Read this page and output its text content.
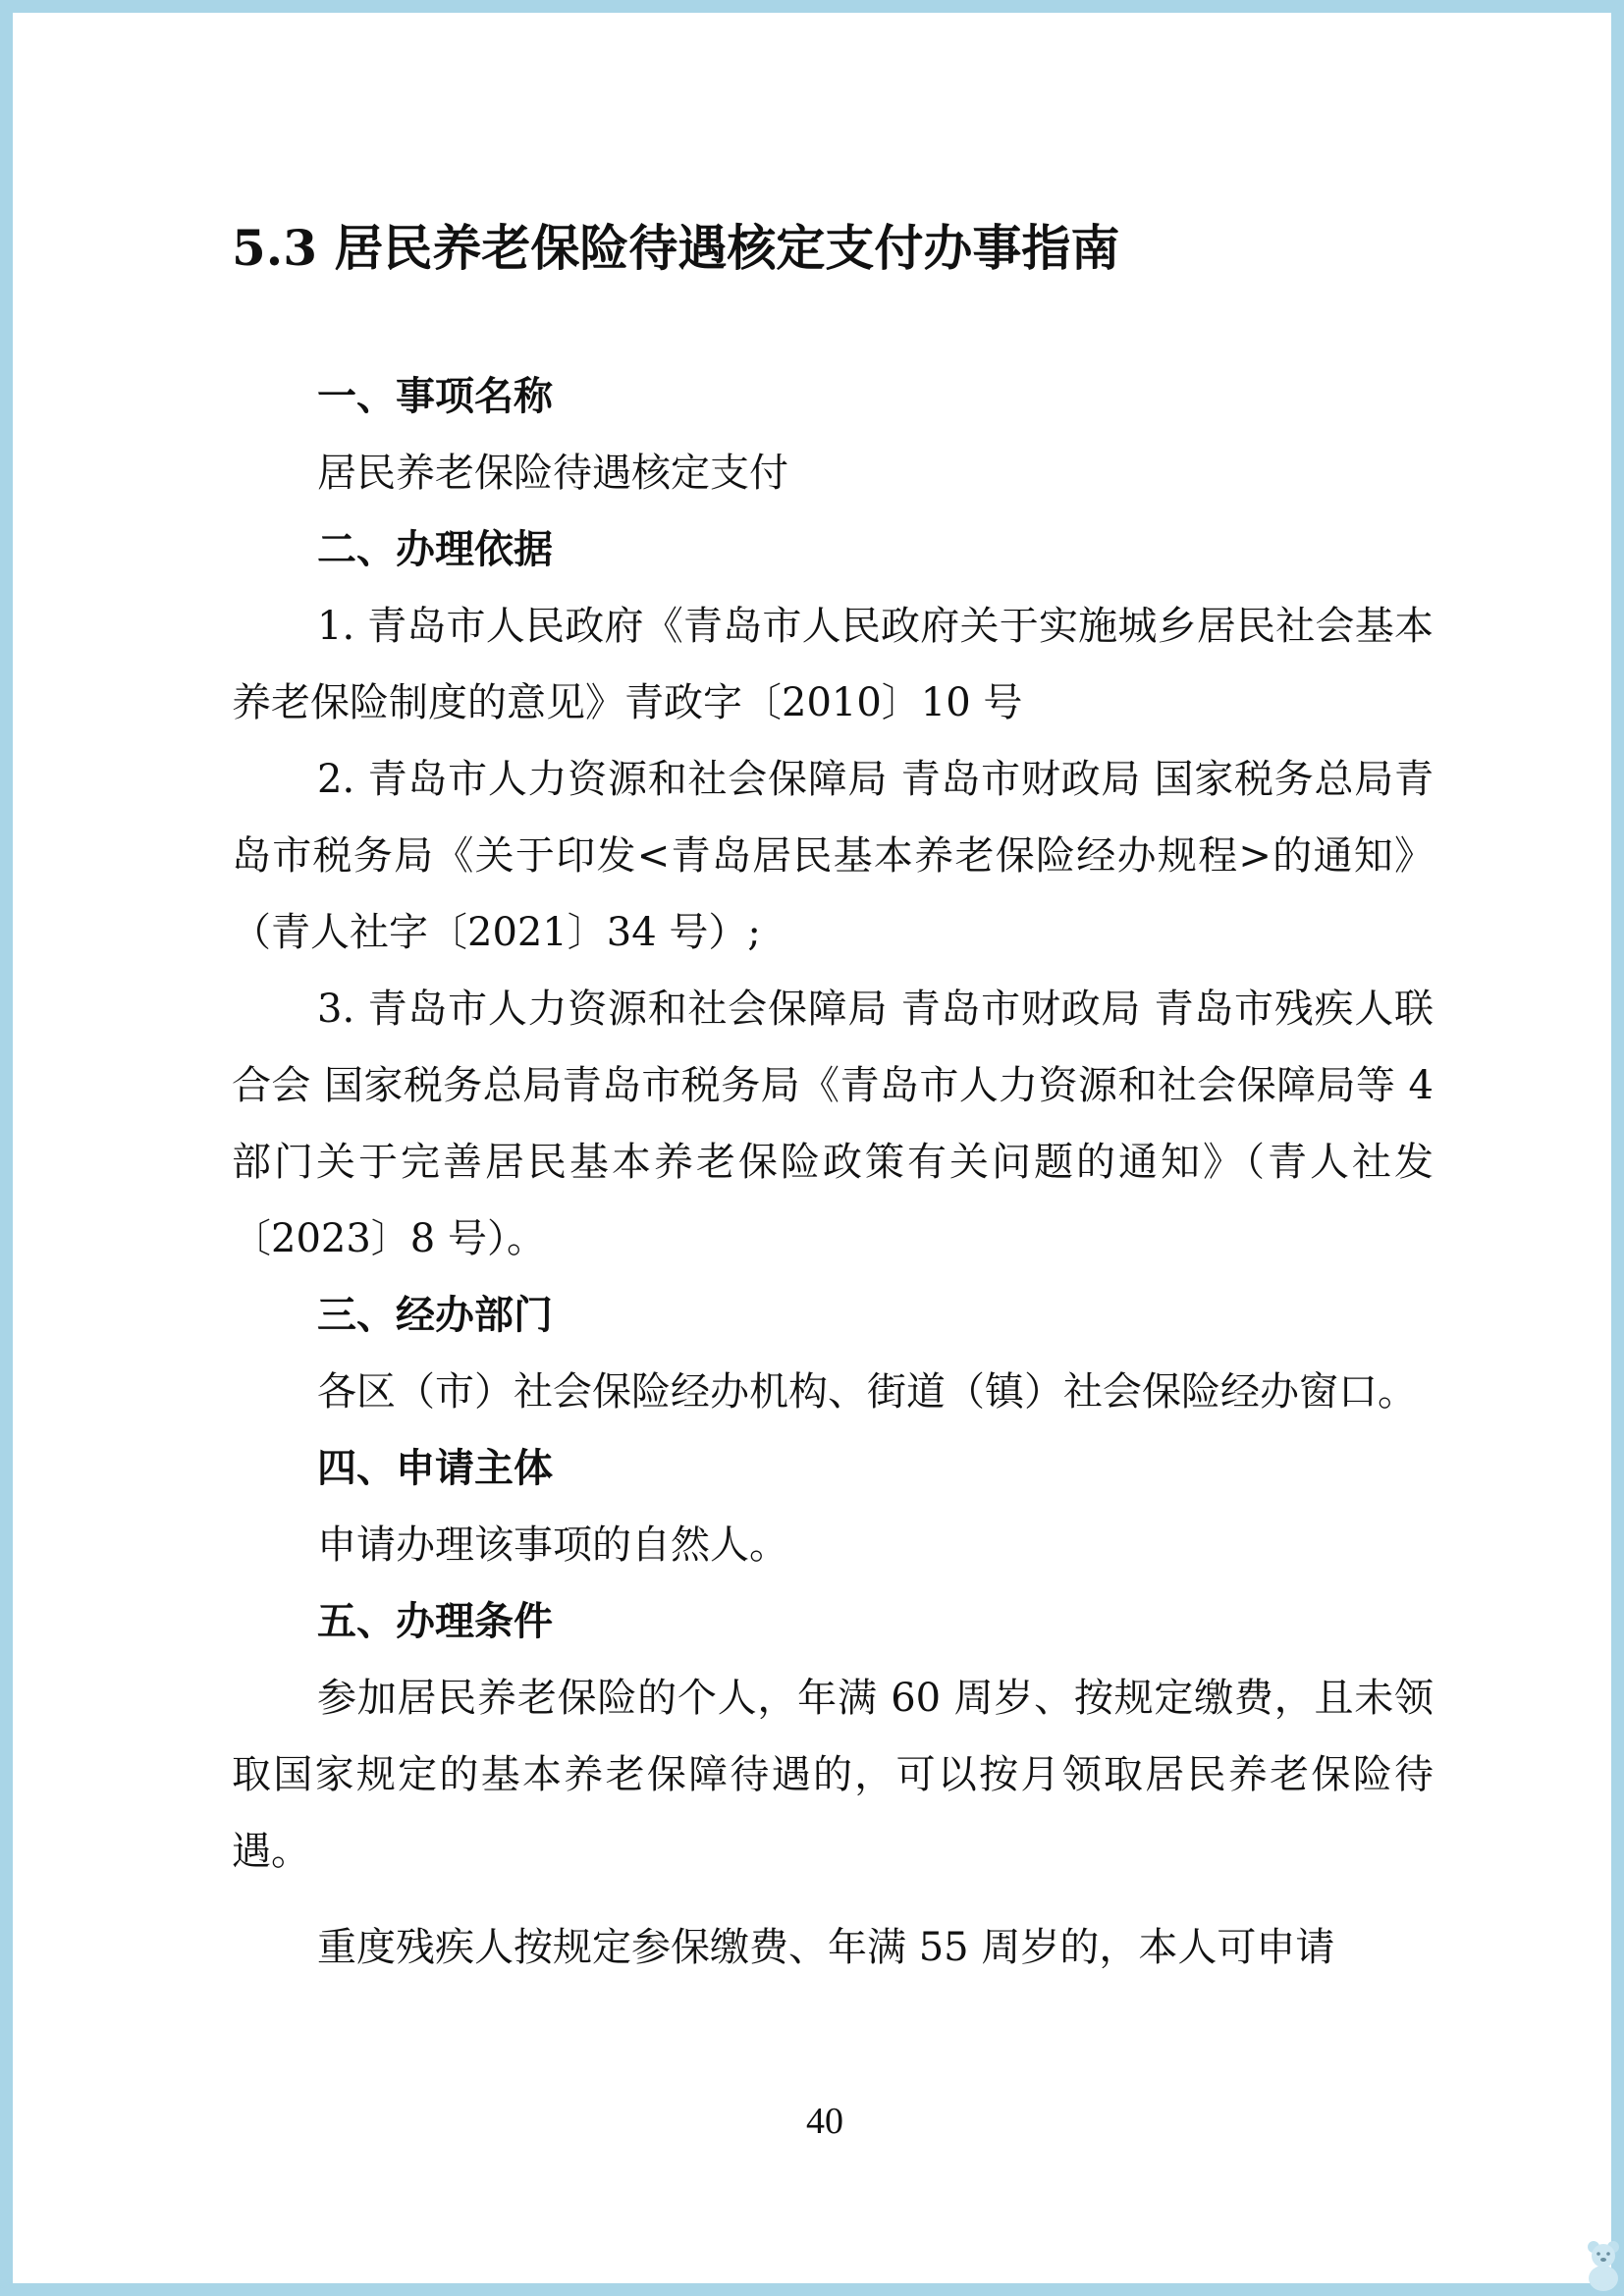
5.3 居民养老保险待遇核定支付办事指南

一、事项名称

居民养老保险待遇核定支付

二、办理依据

1. 青岛市人民政府《青岛市人民政府关于实施城乡居民社会基本养老保险制度的意见》青政字〔2010〕10 号

2. 青岛市人力资源和社会保障局 青岛市财政局 国家税务总局青岛市税务局《关于印发<青岛居民基本养老保险经办规程>的通知》（青人社字〔2021〕34 号）;

3. 青岛市人力资源和社会保障局 青岛市财政局 青岛市残疾人联合会 国家税务总局青岛市税务局《青岛市人力资源和社会保障局等 4 部门关于完善居民基本养老保险政策有关问题的通知》（青人社发〔2023〕8 号）。

三、经办部门

各区（市）社会保险经办机构、街道（镇）社会保险经办窗口。

四、申请主体

申请办理该事项的自然人。

五、办理条件

参加居民养老保险的个人，年满 60 周岁、按规定缴费，且未领取国家规定的基本养老保障待遇的，可以按月领取居民养老保险待遇。

重度残疾人按规定参保缴费、年满 55 周岁的，本人可申请

40
